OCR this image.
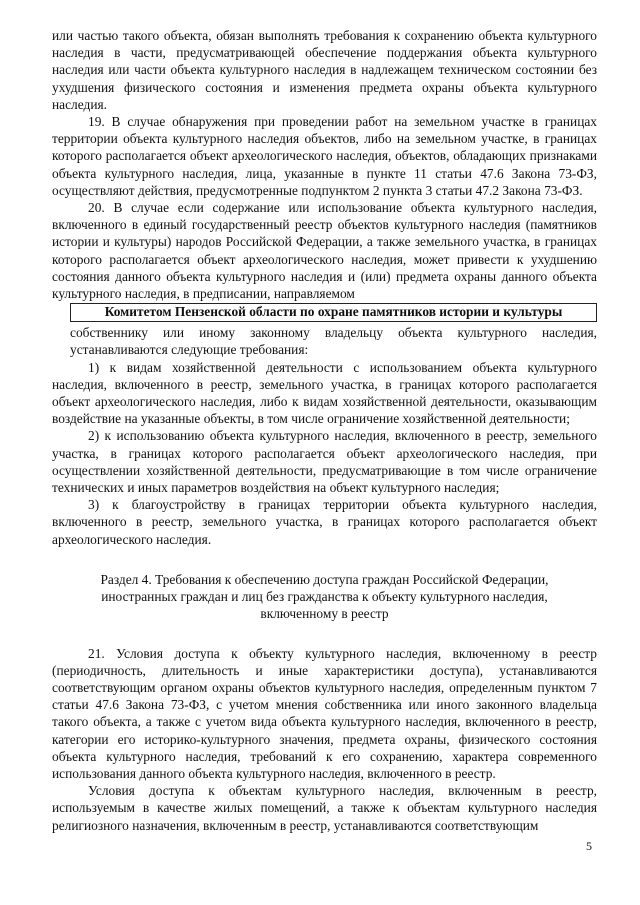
или частью такого объекта, обязан выполнять требования к сохранению объекта культурного наследия в части, предусматривающей обеспечение поддержания объекта культурного наследия или части объекта культурного наследия в надлежащем техническом состоянии без ухудшения физического состояния и изменения предмета охраны объекта культурного наследия.

19. В случае обнаружения при проведении работ на земельном участке в границах территории объекта культурного наследия объектов, либо на земельном участке, в границах которого располагается объект археологического наследия, объектов, обладающих признаками объекта культурного наследия, лица, указанные в пункте 11 статьи 47.6 Закона 73-ФЗ, осуществляют действия, предусмотренные подпунктом 2 пункта 3 статьи 47.2 Закона 73-ФЗ.

20. В случае если содержание или использование объекта культурного наследия, включенного в единый государственный реестр объектов культурного наследия (памятников истории и культуры) народов Российской Федерации, а также земельного участка, в границах которого располагается объект археологического наследия, может привести к ухудшению состояния данного объекта культурного наследия и (или) предмета охраны данного объекта культурного наследия, в предписании, направляемом

Комитетом Пензенской области по охране памятников истории и культуры

собственнику или иному законному владельцу объекта культурного наследия, устанавливаются следующие требования:

1) к видам хозяйственной деятельности с использованием объекта культурного наследия, включенного в реестр, земельного участка, в границах которого располагается объект археологического наследия, либо к видам хозяйственной деятельности, оказывающим воздействие на указанные объекты, в том числе ограничение хозяйственной деятельности;

2) к использованию объекта культурного наследия, включенного в реестр, земельного участка, в границах которого располагается объект археологического наследия, при осуществлении хозяйственной деятельности, предусматривающие в том числе ограничение технических и иных параметров воздействия на объект культурного наследия;

3) к благоустройству в границах территории объекта культурного наследия, включенного в реестр, земельного участка, в границах которого располагается объект археологического наследия.

Раздел 4. Требования к обеспечению доступа граждан Российской Федерации,
иностранных граждан и лиц без гражданства к объекту культурного наследия,
включенному в реестр

21. Условия доступа к объекту культурного наследия, включенному в реестр (периодичность, длительность и иные характеристики доступа), устанавливаются соответствующим органом охраны объектов культурного наследия, определенным пунктом 7 статьи 47.6 Закона 73-ФЗ, с учетом мнения собственника или иного законного владельца такого объекта, а также с учетом вида объекта культурного наследия, включенного в реестр, категории его историко-культурного значения, предмета охраны, физического состояния объекта культурного наследия, требований к его сохранению, характера современного использования данного объекта культурного наследия, включенного в реестр.

Условия доступа к объектам культурного наследия, включенным в реестр, используемым в качестве жилых помещений, а также к объектам культурного наследия религиозного назначения, включенным в реестр, устанавливаются соответствующим

5
